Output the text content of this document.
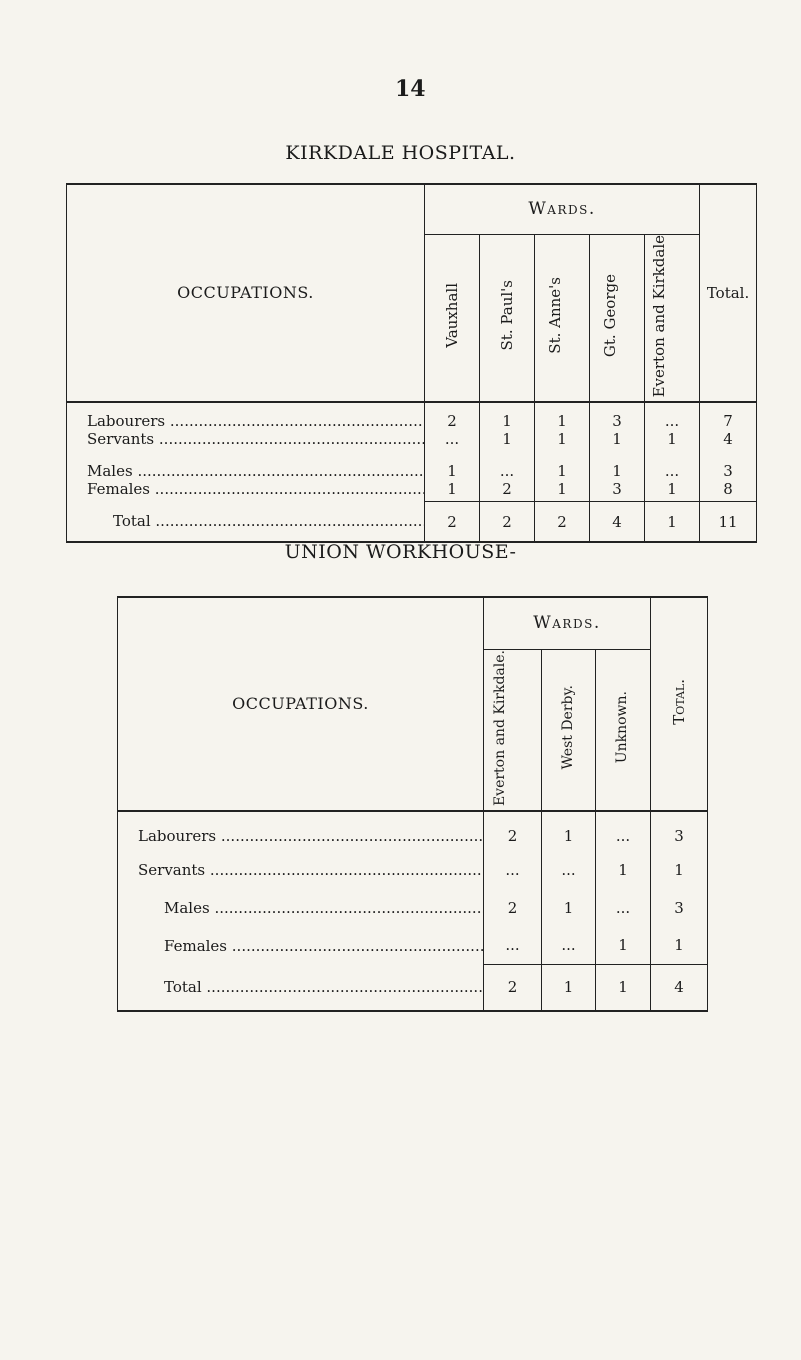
14
KIRKDALE HOSPITAL.
OCCUPATIONS.	Wards.					Total.
	Vauxhall	St. Paul's	St. Anne's	Gt. George	Everton and Kirkdale	
Labourers .....	2	1	1	3	...	7
Servants .....	...	1	1	1	1	4
Males .....	1	...	1	1	...	3
Females .....	1	2	1	3	1	8
Total .....	2	2	2	4	1	11
UNION WORKHOUSE-
OCCUPATIONS.	Wards.			Total.
	Everton and Kirkdale.	West Derby.	Unknown.	
Labourers .....	2	1	...	3
Servants .....	...	...	1	1
Males .....	2	1	...	3
Females .....	...	...	1	1
Total .....	2	1	1	4
